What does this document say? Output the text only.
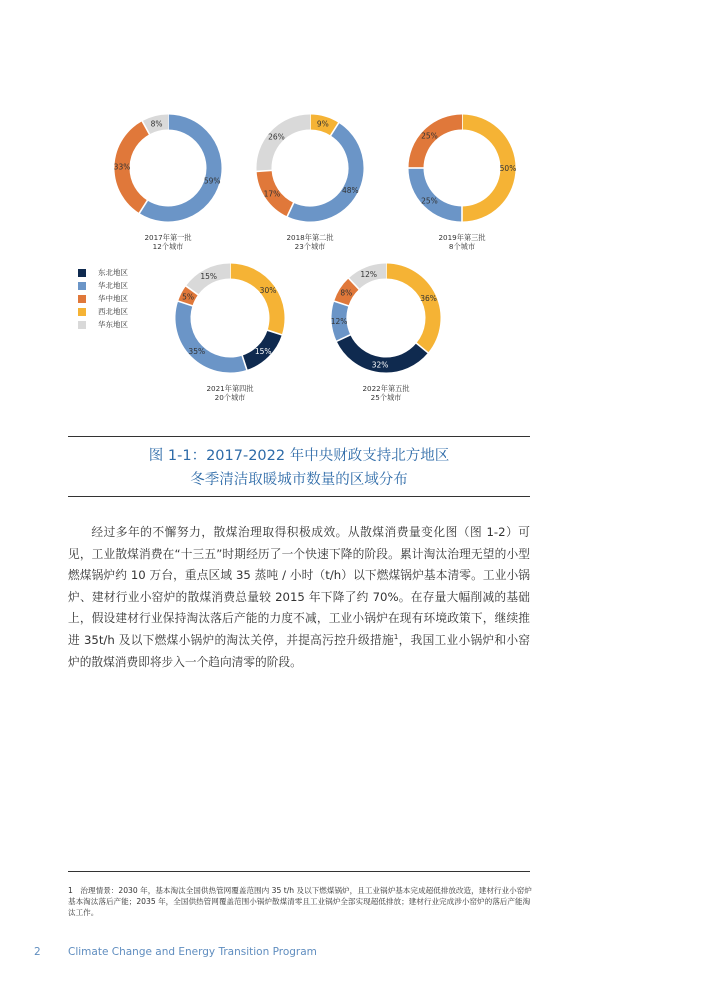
59%
33%
8%
2017年第一批
12个城市
9%
48%
17%
26%
2018年第二批
23个城市
50%
25%
25%
2019年第三批
8个城市
30%
15%
35%
5%
15%
2021年第四批
20个城市
36%
32%
12%
8%
12%
2022年第五批
25个城市
东北地区
华北地区
华中地区
西北地区
华东地区
图 1-1：2017-2022 年中央财政支持北方地区
冬季清洁取暖城市数量的区域分布
经过多年的不懈努力，散煤治理取得积极成效。从散煤消费量变化图（图 1-2）可见，工业散煤消费在“十三五”时期经历了一个快速下降的阶段。累计淘汰治理无望的小型燃煤锅炉约 10 万台，重点区域 35 蒸吨 / 小时（t/h）以下燃煤锅炉基本清零。工业小锅炉、建材行业小窑炉的散煤消费总量较 2015 年下降了约 70%。在存量大幅削减的基础上，假设建材行业保持淘汰落后产能的力度不减，工业小锅炉在现有环境政策下，继续推进 35t/h 及以下燃煤小锅炉的淘汰关停，并提高污控升级措施$^1$，我国工业小锅炉和小窑炉的散煤消费即将步入一个趋向清零的阶段。
1　治理情景：2030 年，基本淘汰全国供热管网覆盖范围内 35 t/h 及以下燃煤锅炉，且工业锅炉基本完成超低排放改造，建材行业小窑炉基本淘汰落后产能；2035 年，全国供热管网覆盖范围小锅炉散煤清零且工业锅炉全部实现超低排放；建材行业完成涉小窑炉的落后产能淘汰工作。
2	Climate Change and Energy Transition Program
